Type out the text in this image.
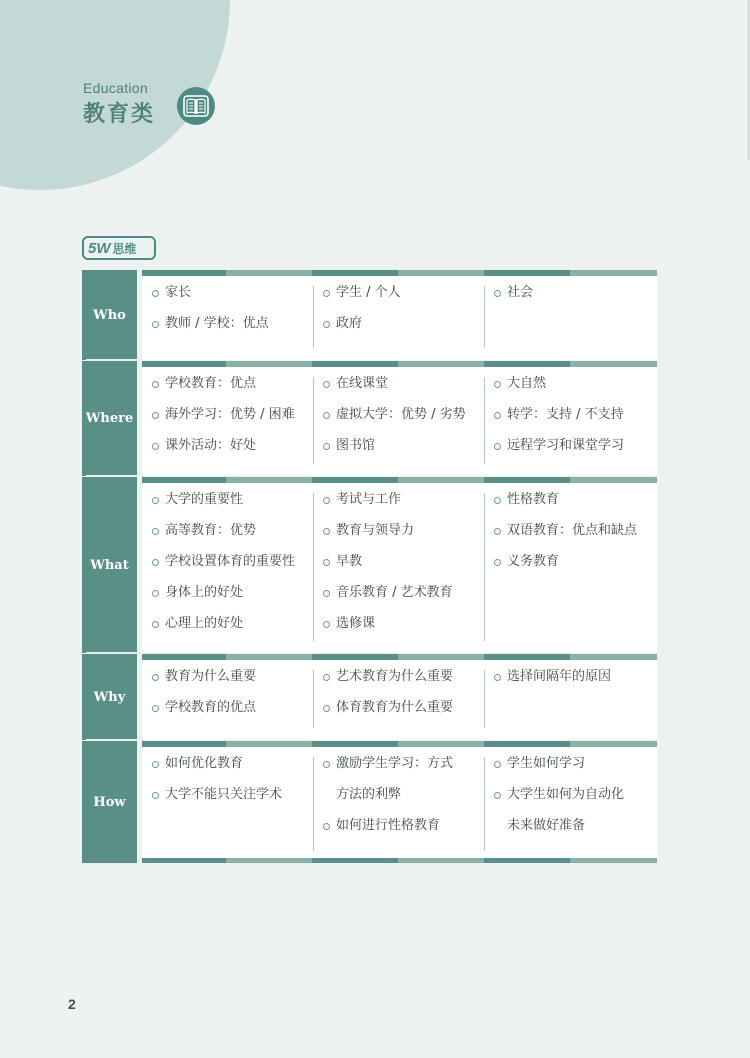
Education
教育类
5W 思维
Who
家长
教师 / 学校：优点
学生 / 个人
政府
社会
Where
学校教育：优点
海外学习：优势 / 困难
课外活动：好处
在线课堂
虚拟大学：优势 / 劣势
图书馆
大自然
转学：支持 / 不支持
远程学习和课堂学习
What
大学的重要性
高等教育：优势
学校设置体育的重要性
身体上的好处
心理上的好处
考试与工作
教育与领导力
早教
音乐教育 / 艺术教育
选修课
性格教育
双语教育：优点和缺点
义务教育
Why
教育为什么重要
学校教育的优点
艺术教育为什么重要
体育教育为什么重要
选择间隔年的原因
How
如何优化教育
大学不能只关注学术
激励学生学习：方式
方法的利弊
如何进行性格教育
学生如何学习
大学生如何为自动化
未来做好准备
2
